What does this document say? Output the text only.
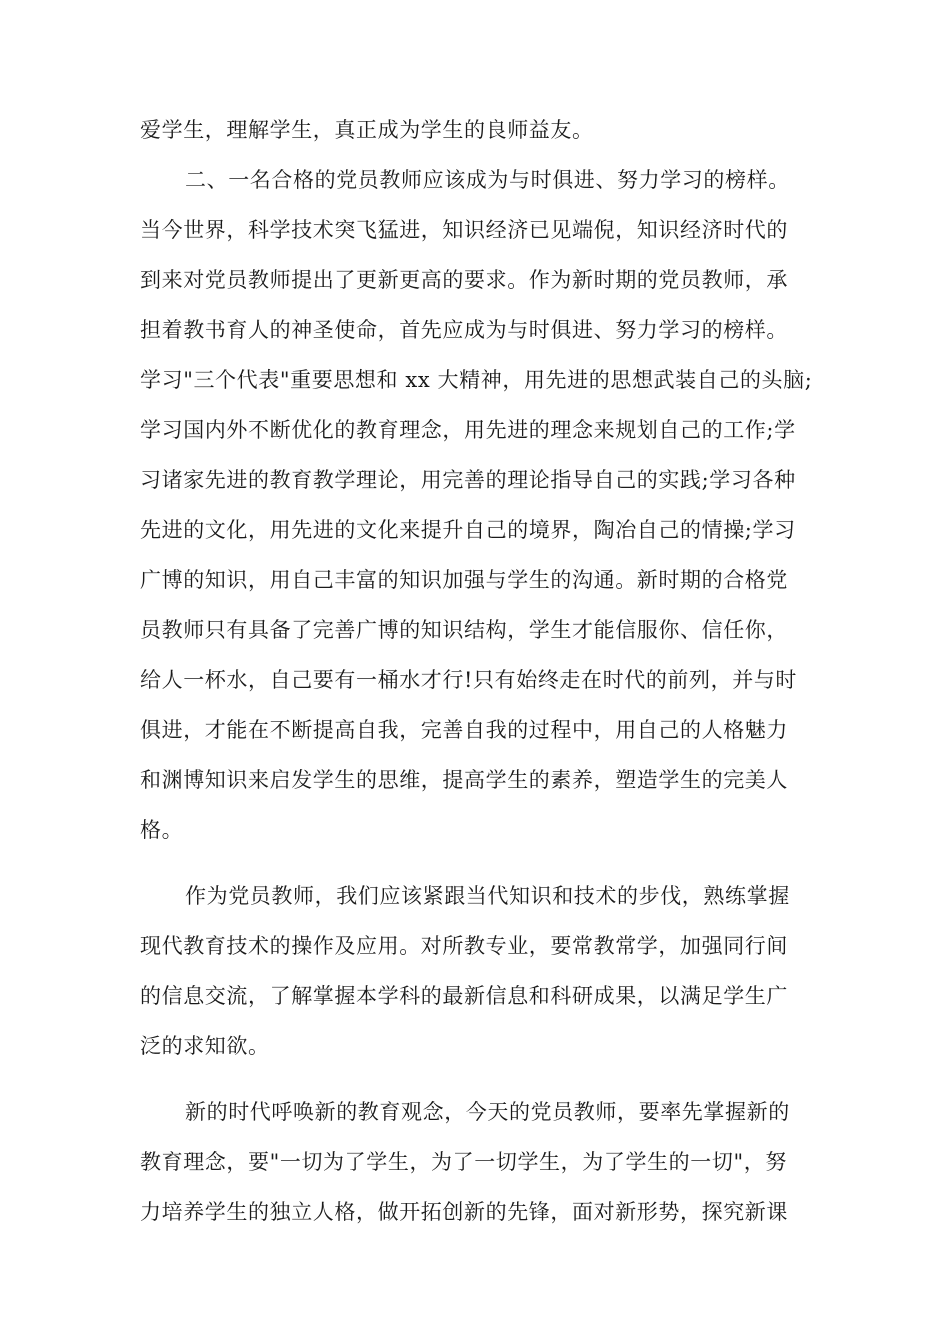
爱学生，理解学生，真正成为学生的良师益友。
二、一名合格的党员教师应该成为与时俱进、努力学习的榜样。
当今世界，科学技术突飞猛进，知识经济已见端倪，知识经济时代的
到来对党员教师提出了更新更高的要求。作为新时期的党员教师，承
担着教书育人的神圣使命，首先应成为与时俱进、努力学习的榜样。
学习"三个代表"重要思想和 xx 大精神，用先进的思想武装自己的头脑;
学习国内外不断优化的教育理念，用先进的理念来规划自己的工作;学
习诸家先进的教育教学理论，用完善的理论指导自己的实践;学习各种
先进的文化，用先进的文化来提升自己的境界，陶冶自己的情操;学习
广博的知识，用自己丰富的知识加强与学生的沟通。新时期的合格党
员教师只有具备了完善广博的知识结构，学生才能信服你、信任你，
给人一杯水，自己要有一桶水才行!只有始终走在时代的前列，并与时
俱进，才能在不断提高自我，完善自我的过程中，用自己的人格魅力
和渊博知识来启发学生的思维，提高学生的素养，塑造学生的完美人
格。
作为党员教师，我们应该紧跟当代知识和技术的步伐，熟练掌握
现代教育技术的操作及应用。对所教专业，要常教常学，加强同行间
的信息交流，了解掌握本学科的最新信息和科研成果，以满足学生广
泛的求知欲。
新的时代呼唤新的教育观念，今天的党员教师，要率先掌握新的
教育理念，要"一切为了学生，为了一切学生，为了学生的一切"，努
力培养学生的独立人格，做开拓创新的先锋，面对新形势，探究新课
